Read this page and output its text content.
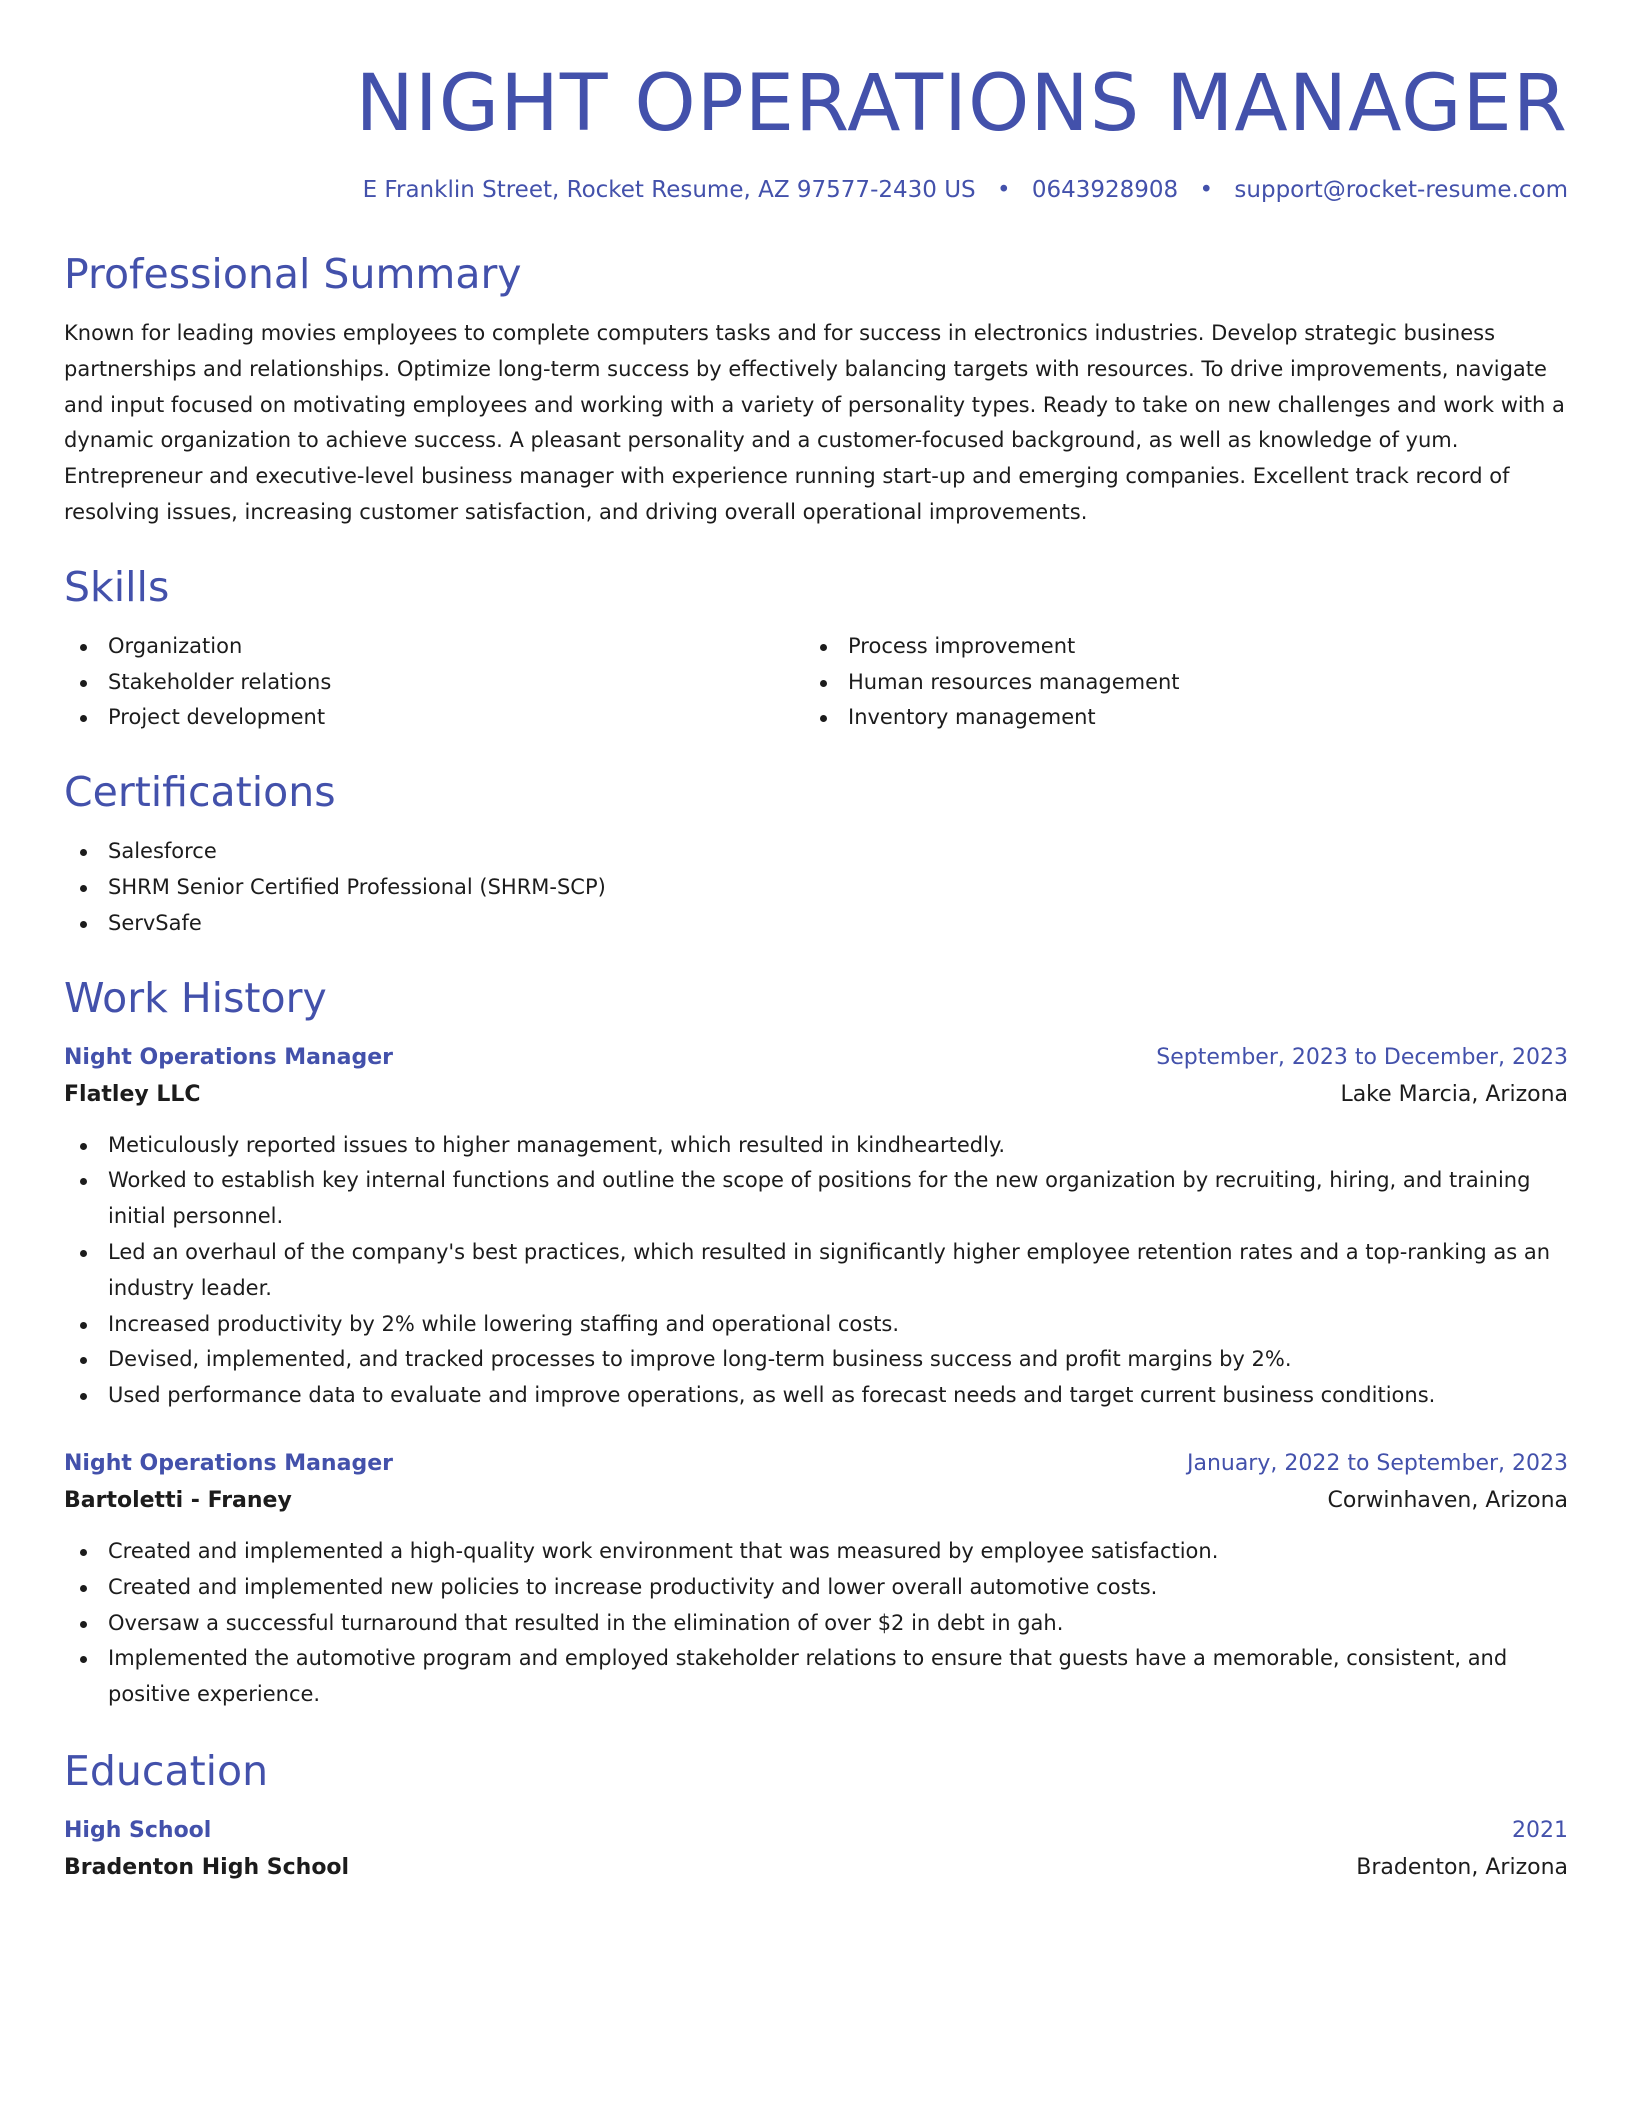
NIGHT OPERATIONS MANAGER
E Franklin Street, Rocket Resume, AZ 97577-2430 US • 0643928908 • support@rocket-resume.com
Professional Summary

Known for leading movies employees to complete computers tasks and for success in electronics industries. Develop strategic business partnerships and relationships. Optimize long-term success by effectively balancing targets with resources. To drive improvements, navigate and input focused on motivating employees and working with a variety of personality types. Ready to take on new challenges and work with a dynamic organization to achieve success. A pleasant personality and a customer-focused background, as well as knowledge of yum. Entrepreneur and executive-level business manager with experience running start-up and emerging companies. Excellent track record of resolving issues, increasing customer satisfaction, and driving overall operational improvements.

Skills
Organization
Stakeholder relations
Project development
Process improvement
Human resources management
Inventory management
Certifications
Salesforce
SHRM Senior Certified Professional (SHRM-SCP)
ServSafe
Work History
Night Operations Manager	September, 2023 to December, 2023
Flatley LLC	Lake Marcia, Arizona
Meticulously reported issues to higher management, which resulted in kindheartedly.
Worked to establish key internal functions and outline the scope of positions for the new organization by recruiting, hiring, and training initial personnel.
Led an overhaul of the company's best practices, which resulted in significantly higher employee retention rates and a top-ranking as an industry leader.
Increased productivity by 2% while lowering staffing and operational costs.
Devised, implemented, and tracked processes to improve long-term business success and profit margins by 2%.
Used performance data to evaluate and improve operations, as well as forecast needs and target current business conditions.
Night Operations Manager	January, 2022 to September, 2023
Bartoletti - Franey	Corwinhaven, Arizona
Created and implemented a high-quality work environment that was measured by employee satisfaction.
Created and implemented new policies to increase productivity and lower overall automotive costs.
Oversaw a successful turnaround that resulted in the elimination of over $2 in debt in gah.
Implemented the automotive program and employed stakeholder relations to ensure that guests have a memorable, consistent, and positive experience.
Education
High School	2021
Bradenton High School	Bradenton, Arizona
